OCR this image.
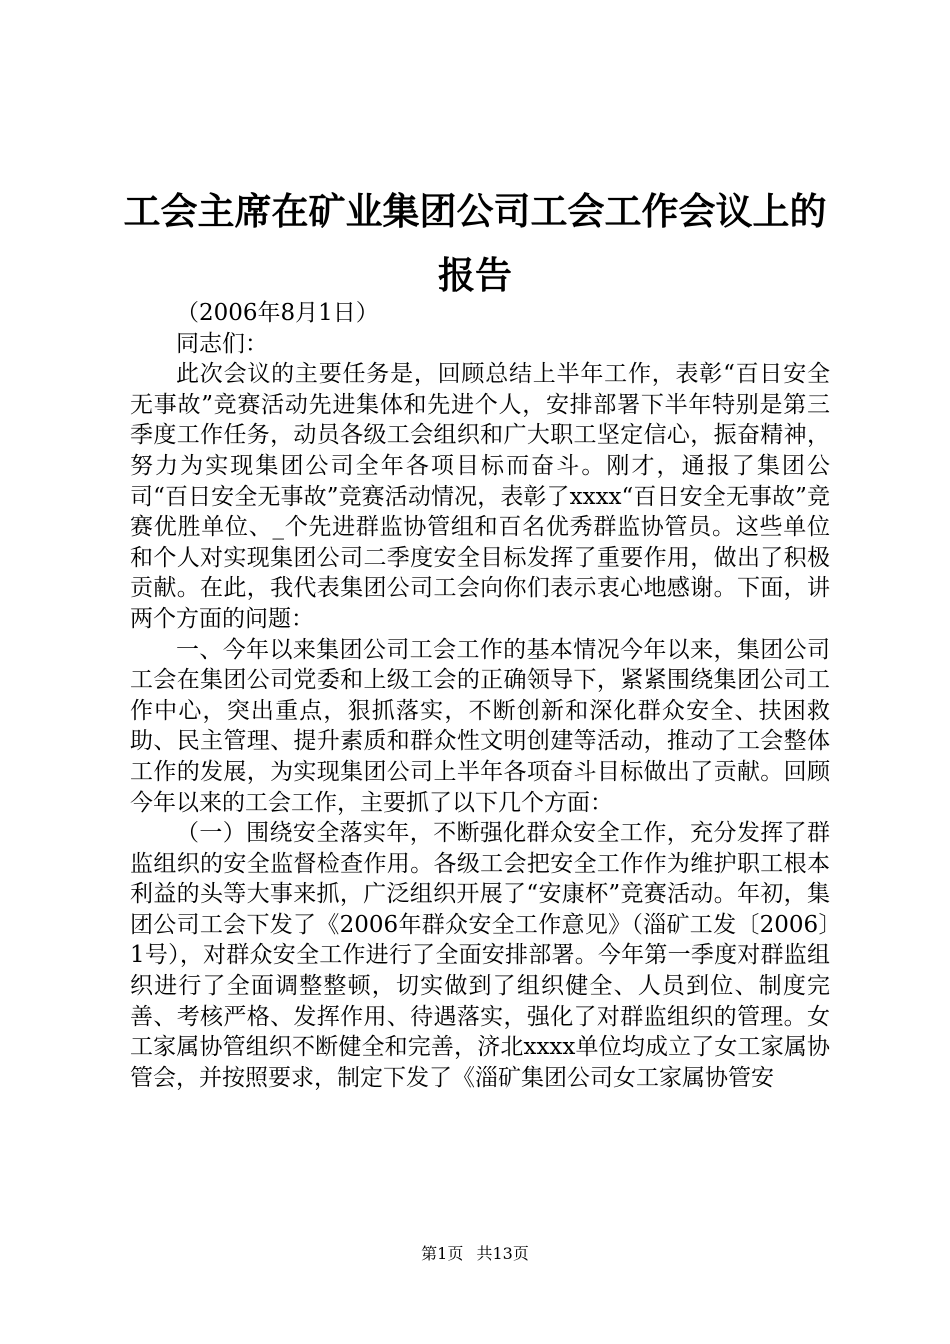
工会主席在矿业集团公司工会工作会议上的报告

（2006年8月1日）

同志们：

此次会议的主要任务是，回顾总结上半年工作，表彰“百日安全无事故”竞赛活动先进集体和先进个人，安排部署下半年特别是第三季度工作任务，动员各级工会组织和广大职工坚定信心，振奋精神，努力为实现集团公司全年各项目标而奋斗。刚才，通报了集团公司“百日安全无事故”竞赛活动情况，表彰了xxxx“百日安全无事故”竞赛优胜单位、_个先进群监协管组和百名优秀群监协管员。这些单位和个人对实现集团公司二季度安全目标发挥了重要作用，做出了积极贡献。在此，我代表集团公司工会向你们表示衷心地感谢。下面，讲两个方面的问题：

一、今年以来集团公司工会工作的基本情况今年以来，集团公司工会在集团公司党委和上级工会的正确领导下，紧紧围绕集团公司工作中心，突出重点，狠抓落实，不断创新和深化群众安全、扶困救助、民主管理、提升素质和群众性文明创建等活动，推动了工会整体工作的发展，为实现集团公司上半年各项奋斗目标做出了贡献。回顾今年以来的工会工作，主要抓了以下几个方面：

（一）围绕安全落实年，不断强化群众安全工作，充分发挥了群监组织的安全监督检查作用。各级工会把安全工作作为维护职工根本利益的头等大事来抓，广泛组织开展了“安康杯”竞赛活动。年初，集团公司工会下发了《2006年群众安全工作意见》（淄矿工发〔2006〕1号），对群众安全工作进行了全面安排部署。今年第一季度对群监组织进行了全面调整整顿，切实做到了组织健全、人员到位、制度完善、考核严格、发挥作用、待遇落实，强化了对群监组织的管理。女工家属协管组织不断健全和完善，济北xxxx单位均成立了女工家属协管会，并按照要求，制定下发了《淄矿集团公司女工家属协管安

第1页 共13页
